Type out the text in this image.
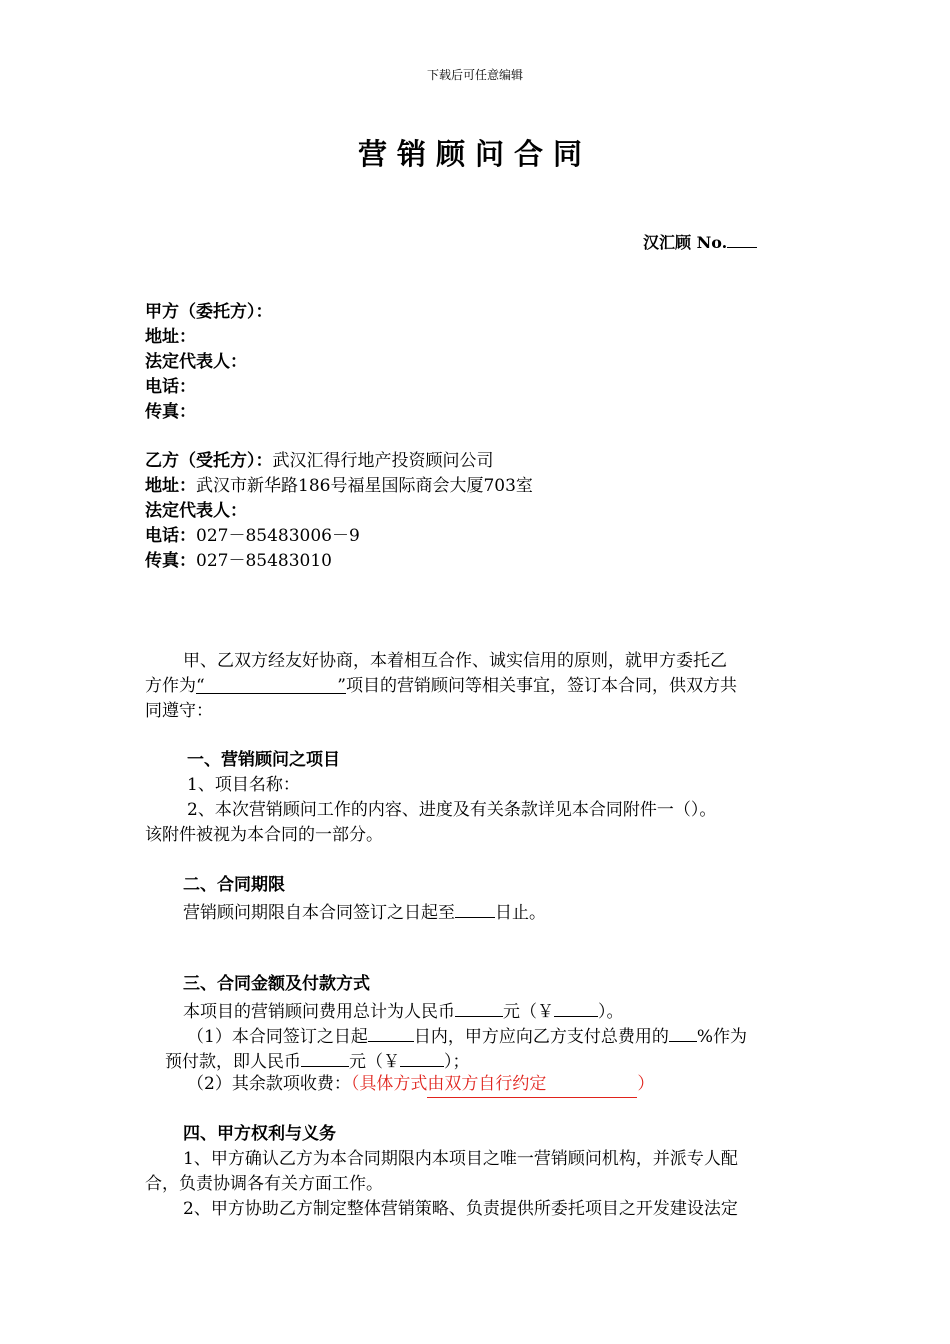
下载后可任意编辑
营销顾问合同
汉汇顾 No.
甲方（委托方）：
地址：
法定代表人：
电话：
传真：
乙方（受托方）：武汉汇得行地产投资顾问公司
地址：武汉市新华路186号福星国际商会大厦703室
法定代表人：
电话：027－85483006－9
传真：027－85483010
甲、乙双方经友好协商，本着相互合作、诚实信用的原则，就甲方委托乙
方作为“	” 项目的营销顾问等相关事宜，签订本合同，供双方共
同遵守：
一、营销顾问之项目
1、项目名称：
2、本次营销顾问工作的内容、进度及有关条款详见本合同附件一（）。
该附件被视为本合同的一部分。
二、合同期限
营销顾问期限自本合同签订之日起至 日止。
三、合同金额及付款方式
本项目的营销顾问费用总计为人民币	元（￥	）。
（1）本合同签订之日起	日内，甲方应向乙方支付总费用的 %作为
预付款，即人民币	元（￥	）；
（2）其余款项收费：（具体方式由双方自行约定	）
四、甲方权利与义务
1、甲方确认乙方为本合同期限内本项目之唯一营销顾问机构，并派专人配
合，负责协调各有关方面工作。
2、甲方协助乙方制定整体营销策略、负责提供所委托项目之开发建设法定
